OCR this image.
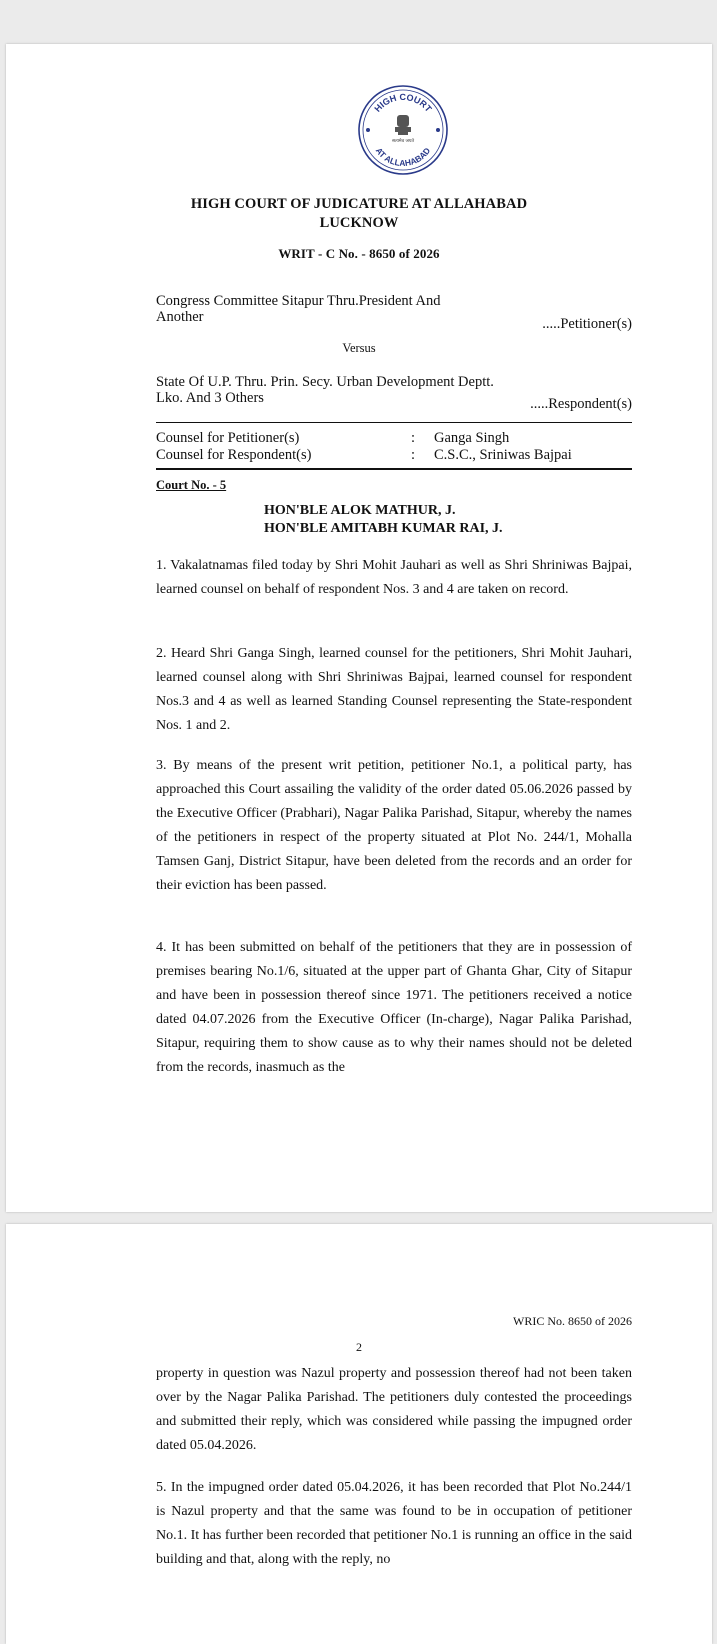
HIGH COURT
AT ALLAHABAD
सत्यमेव जयते
HIGH COURT OF JUDICATURE AT ALLAHABAD
LUCKNOW
WRIT - C No. - 8650 of 2026
Congress Committee Sitapur Thru.President And Another	.....Petitioner(s)
Versus
State Of U.P. Thru. Prin. Secy. Urban Development Deptt. Lko. And 3 Others	.....Respondent(s)
Counsel for Petitioner(s)	: Ganga Singh
Counsel for Respondent(s)	: C.S.C., Sriniwas Bajpai
Court No. - 5
HON'BLE ALOK MATHUR, J.
HON'BLE AMITABH KUMAR RAI, J.

1. Vakalatnamas filed today by Shri Mohit Jauhari as well as Shri Shriniwas Bajpai, learned counsel on behalf of respondent Nos. 3 and 4 are taken on record.

2. Heard Shri Ganga Singh, learned counsel for the petitioners, Shri Mohit Jauhari, learned counsel along with Shri Shriniwas Bajpai, learned counsel for respondent Nos.3 and 4 as well as learned Standing Counsel representing the State-respondent Nos. 1 and 2.

3. By means of the present writ petition, petitioner No.1, a political party, has approached this Court assailing the validity of the order dated 05.06.2026 passed by the Executive Officer (Prabhari), Nagar Palika Parishad, Sitapur, whereby the names of the petitioners in respect of the property situated at Plot No. 244/1, Mohalla Tamsen Ganj, District Sitapur, have been deleted from the records and an order for their eviction has been passed.

4. It has been submitted on behalf of the petitioners that they are in possession of premises bearing No.1/6, situated at the upper part of Ghanta Ghar, City of Sitapur and have been in possession thereof since 1971. The petitioners received a notice dated 04.07.2026 from the Executive Officer (In-charge), Nagar Palika Parishad, Sitapur, requiring them to show cause as to why their names should not be deleted from the records, inasmuch as the

WRIC No. 8650 of 2026
2

property in question was Nazul property and possession thereof had not been taken over by the Nagar Palika Parishad. The petitioners duly contested the proceedings and submitted their reply, which was considered while passing the impugned order dated 05.04.2026.

5. In the impugned order dated 05.04.2026, it has been recorded that Plot No.244/1 is Nazul property and that the same was found to be in occupation of petitioner No.1. It has further been recorded that petitioner No.1 is running an office in the said building and that, along with the reply, no
